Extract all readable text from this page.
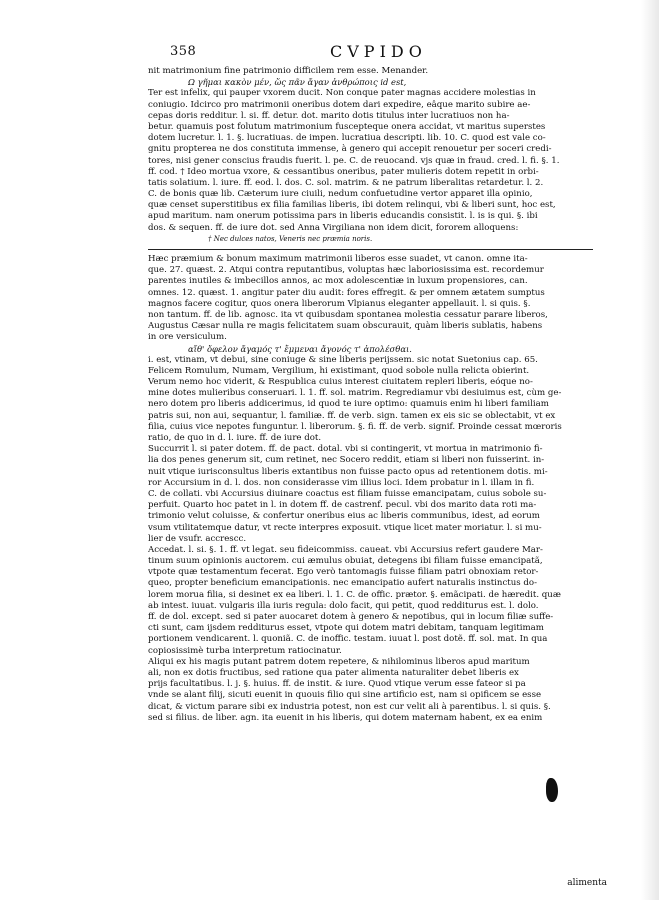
358	CVPIDO
nit matrimonium fine patrimonio difficilem rem esse. Menander.
Ω γῆμαι κακὸν μέν, ὥς πᾶν ἄγαν ἀνθρώποις id est,
Ter est infelix, qui pauper vxorem ducit. Non conque pater magnas accidere molestias in
coniugio. Idcirco pro matrimonii oneribus dotem dari expedire, eâque marito subire ae-
cepas doris redditur. l. si. ff. detur. dot. marito dotis titulus inter lucratiuos non ha-
betur. quamuis post folutum matrimonium fuscepteque onera accidat, vt maritus superstes
dotem lucretur. l. 1. §. lucratiuas. de impen. lucratiua descripti. lib. 10. C. quod est vale co-
gnitu propterea ne dos constituta immense, à genero qui accepit renouetur per soceri credi-
tores, nisi gener conscius fraudis fuerit. l. pe. C. de reuocand. vjs quæ in fraud. cred. l. fi. §. 1.
ff. cod. † Ideo mortua vxore, & cessantibus oneribus, pater mulieris dotem repetit in orbi-
tatis solatium. l. iure. ff. eod. l. dos. C. sol. matrim. & ne patrum liberalitas retardetur. l. 2.
C. de bonis quæ lib. Cæterum iure ciuili, nedum confuetudine vertor apparet illa opinio,
quæ censet superstitibus ex filia familias liberis, ibi dotem relinqui, vbi & liberi sunt, hoc est,
apud maritum. nam onerum potissima pars in liberis educandis consistit. l. is is qui. §. ibi
dos. & sequen. ff. de iure dot. sed Anna Virgiliana non idem dicit, fororem alloquens:
† Nec dulces natos, Veneris nec præmia noris.
Hæc præmium & bonum maximum matrimonii liberos esse suadet, vt canon. omne ita-
que. 27. quæst. 2. Atqui contra reputantibus, voluptas hæc laboriosissima est. recordemur
parentes inutiles & imbecillos annos, ac mox adolescentiæ in luxum propensiores, can.
omnes. 12. quæst. 1. angitur pater diu audit: fores effregit. & per omnem ætatem sumptus
magnos facere cogitur, quos onera liberorum Vlpianus eleganter appellauit. l. si quis. §.
non tantum. ff. de lib. agnosc. ita vt quibusdam spontanea molestia cessatur parare liberos,
Augustus Cæsar nulla re magis felicitatem suam obscurauit, quàm liberis sublatis, habens
in ore versiculum.
αἴθ' ὄφελον ἄγαμός τ' ἔμμεναι ἄγονός τ' ἀπολέσθαι.
i. est, vtinam, vt debui, sine coniuge & sine liberis perijssem. sic notat Suetonius cap. 65.
Felicem Romulum, Numam, Vergilium, hi existimant, quod sobole nulla relicta obierint.
Verum nemo hoc viderit, & Respublica cuius interest ciuitatem repleri liberis, eóque no-
mine dotes mulieribus conseruari. l. 1. ff. sol. matrim. Regrediamur vbi desiuimus est, cùm ge-
nero dotem pro liberis addicerimus, id quod te iure optimo: quamuis enim hi liberi familiam
patris sui, non aui, sequantur, l. familiæ. ff. de verb. sign. tamen ex eis sic se oblectabit, vt ex
filia, cuius vice nepotes funguntur. l. liberorum. §. fi. ff. de verb. signif. Proinde cessat mœroris
ratio, de quo in d. l. iure. ff. de iure dot.
Succurrit l. si pater dotem. ff. de pact. dotal. vbi si contingerit, vt mortua in matrimonio fi-
lia dos penes generum sit, cum retinet, nec Socero reddit, etiam si liberi non fuisserint. in-
nuit vtique iurisconsultus liberis extantibus non fuisse pacto opus ad retentionem dotis. mi-
ror Accursium in d. l. dos. non considerasse vim illius loci. Idem probatur in l. illam in fi.
C. de collati. vbi Accursius diuinare coactus est filiam fuisse emancipatam, cuius sobole su-
perfuit. Quarto hoc patet in l. in dotem ff. de castrenf. pecul. vbi dos marito data roti ma-
trimonio velut coluisse, & confertur oneribus eius ac liberis communibus, idest, ad eorum
vsum vtilitatemque datur, vt recte interpres exposuit. vtique licet mater moriatur. l. si mu-
lier de vsufr. accrescc.
Accedat. l. si. §. 1. ff. vt legat. seu fideicommiss. caueat. vbi Accursius refert gaudere Mar-
tinum suum opinionis auctorem. cui æmulus obuiat, detegens ibi filiam fuisse emancipatã,
vtpote quæ testamentum fecerat. Ego verò tantomagis fuisse filiam patri obnoxiam retor-
queo, propter beneficium emancipationis. nec emancipatio aufert naturalis instinctus do-
lorem morua filia, si desinet ex ea liberi. l. 1. C. de offic. prætor. §. emãcipati. de hæredit. quæ
ab intest. iuuat. vulgaris illa iuris regula: dolo facit, qui petit, quod redditurus est. l. dolo.
ff. de dol. except. sed si pater auocaret dotem à genero & nepotibus, qui in locum filiæ suffe-
cti sunt, cam ijsdem redditurus esset, vtpote qui dotem matri debitam, tanquam legitimam
portionem vendicarent. l. quoniã. C. de inoffic. testam. iuuat l. post dotẽ. ff. sol. mat. In qua
copiosissimè turba interpretum ratiocinatur.
Aliqui ex his magis putant patrem dotem repetere, & nihilominus liberos apud maritum
ali, non ex dotis fructibus, sed ratione qua pater alimenta naturaliter debet liberis ex
prijs facultatibus. l. j. §. huius. ff. de instit. & iure. Quod vtique verum esse fateor si pa
vnde se alant filij, sicuti euenit in quouis filio qui sine artificio est, nam si opificem se esse
dicat, & victum parare sibi ex industria potest, non est cur velit ali à parentibus. l. si quis. §.
sed si filius. de liber. agn. ita euenit in his liberis, qui dotem maternam habent, ex ea enim
alimenta
